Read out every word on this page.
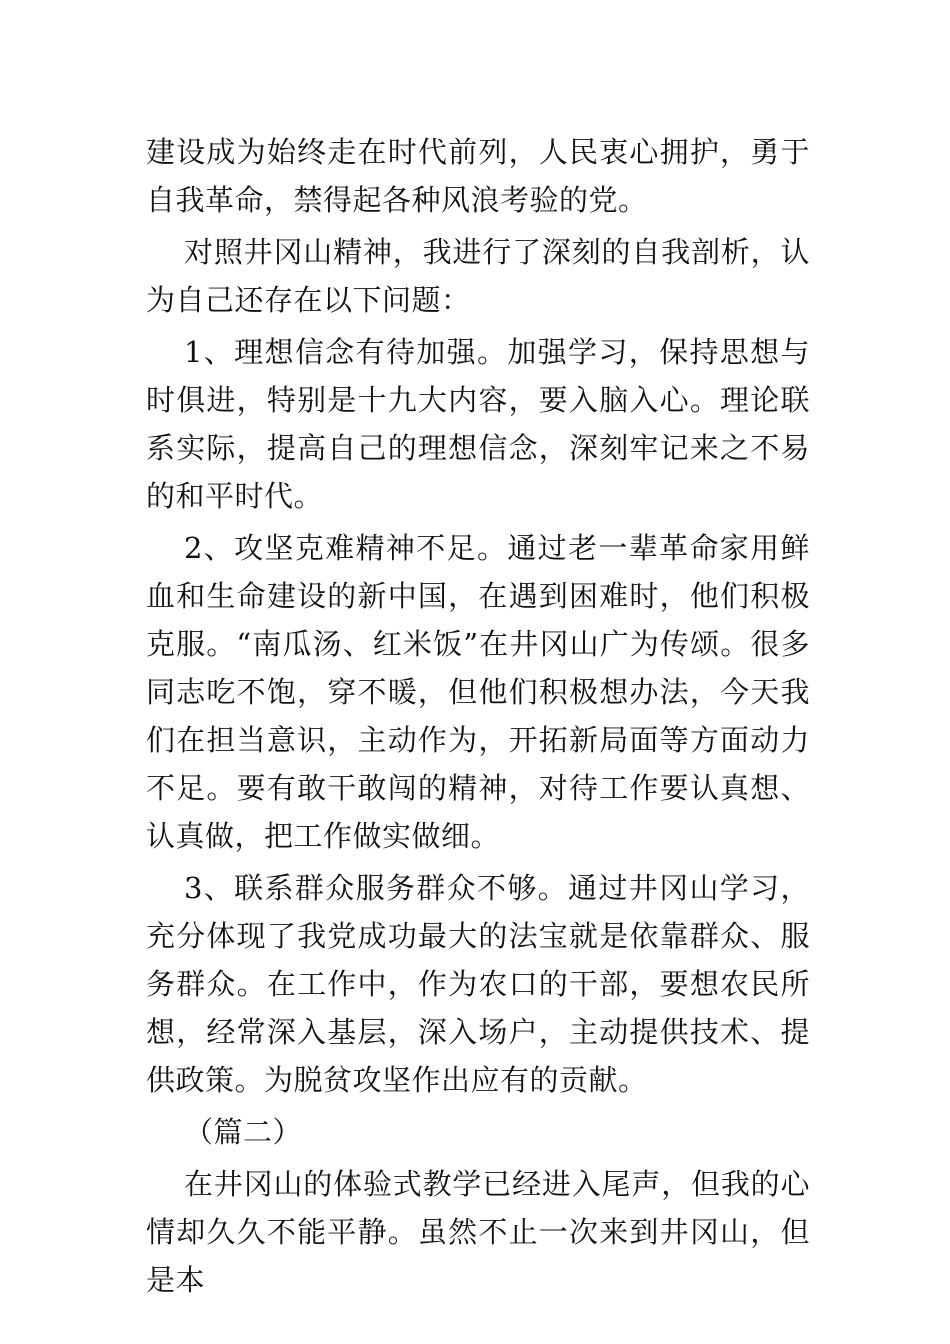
建设成为始终走在时代前列，人民衷心拥护，勇于自我革命，禁得起各种风浪考验的党。

对照井冈山精神，我进行了深刻的自我剖析，认为自己还存在以下问题：

1、理想信念有待加强。加强学习，保持思想与时俱进，特别是十九大内容，要入脑入心。理论联系实际，提高自己的理想信念，深刻牢记来之不易的和平时代。

2、攻坚克难精神不足。通过老一辈革命家用鲜血和生命建设的新中国，在遇到困难时，他们积极克服。“南瓜汤、红米饭”在井冈山广为传颂。很多同志吃不饱，穿不暖，但他们积极想办法，今天我们在担当意识，主动作为，开拓新局面等方面动力不足。要有敢干敢闯的精神，对待工作要认真想、认真做，把工作做实做细。

3、联系群众服务群众不够。通过井冈山学习，充分体现了我党成功最大的法宝就是依靠群众、服务群众。在工作中，作为农口的干部，要想农民所想，经常深入基层，深入场户，主动提供技术、提供政策。为脱贫攻坚作出应有的贡献。

（篇二）

在井冈山的体验式教学已经进入尾声，但我的心情却久久不能平静。虽然不止一次来到井冈山，但是本
